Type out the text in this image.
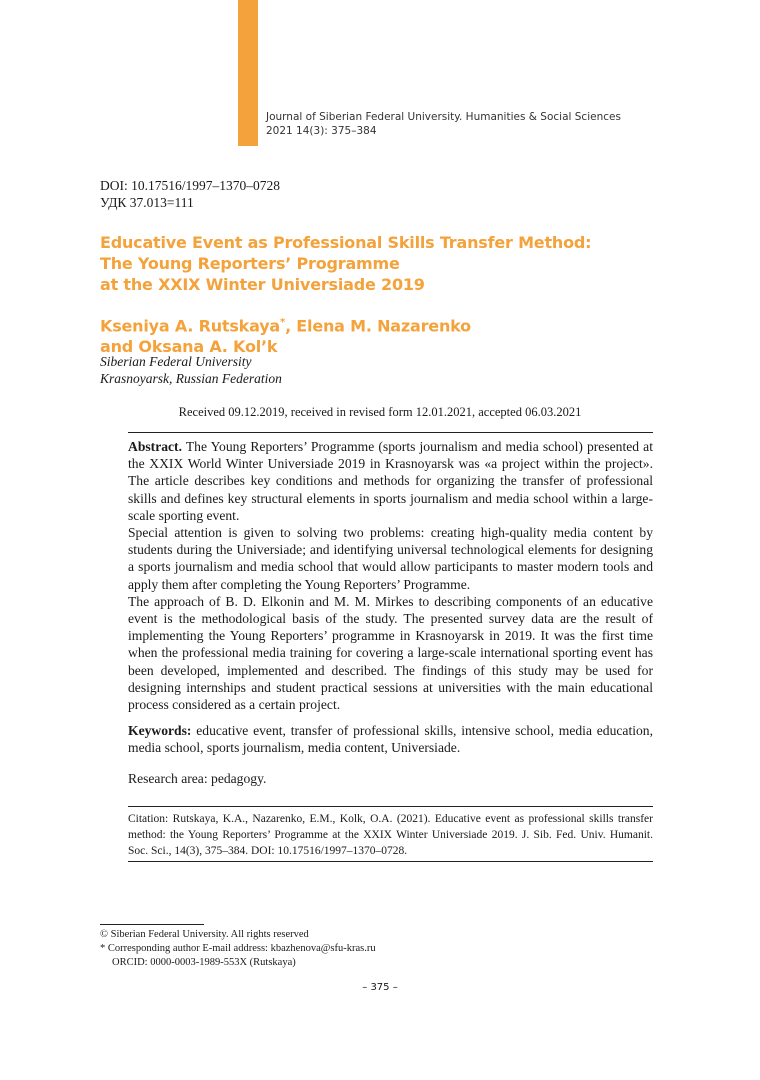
Journal of Siberian Federal University. Humanities & Social Sciences
2021 14(3): 375–384
DOI: 10.17516/1997–1370–0728
УДК 37.013=111
Educative Event as Professional Skills Transfer Method:
The Young Reporters’ Programme
at the XXIX Winter Universiade 2019
Kseniya A. Rutskaya*, Elena M. Nazarenko
and Oksana A. Kol’k
Siberian Federal University
Krasnoyarsk, Russian Federation
Received 09.12.2019, received in revised form 12.01.2021, accepted 06.03.2021

Abstract. The Young Reporters’ Programme (sports journalism and media school) presented at the XXIX World Winter Universiade 2019 in Krasnoyarsk was «a project within the project». The article describes key conditions and methods for organizing the transfer of professional skills and defines key structural elements in sports journalism and media school within a large-scale sporting event.

Special attention is given to solving two problems: creating high-quality media content by students during the Universiade; and identifying universal technological elements for designing a sports journalism and media school that would allow participants to master modern tools and apply them after completing the Young Reporters’ Programme.

The approach of B. D. Elkonin and M. M. Mirkes to describing components of an educative event is the methodological basis of the study. The presented survey data are the result of implementing the Young Reporters’ programme in Krasnoyarsk in 2019. It was the first time when the professional media training for covering a large-scale international sporting event has been developed, implemented and described. The findings of this study may be used for designing internships and student practical sessions at universities with the main educational process considered as a certain project.

Keywords: educative event, transfer of professional skills, intensive school, media education, media school, sports journalism, media content, Universiade.
Research area: pedagogy.
Citation: Rutskaya, K.A., Nazarenko, E.M., Kolk, O.A. (2021). Educative event as professional skills transfer method: the Young Reporters’ Programme at the XXIX Winter Universiade 2019. J. Sib. Fed. Univ. Humanit. Soc. Sci., 14(3), 375–384. DOI: 10.17516/1997–1370–0728.
© Siberian Federal University. All rights reserved
* Corresponding author E-mail address: kbazhenova@sfu-kras.ru
ORCID: 0000-0003-1989-553X (Rutskaya)
– 375 –
